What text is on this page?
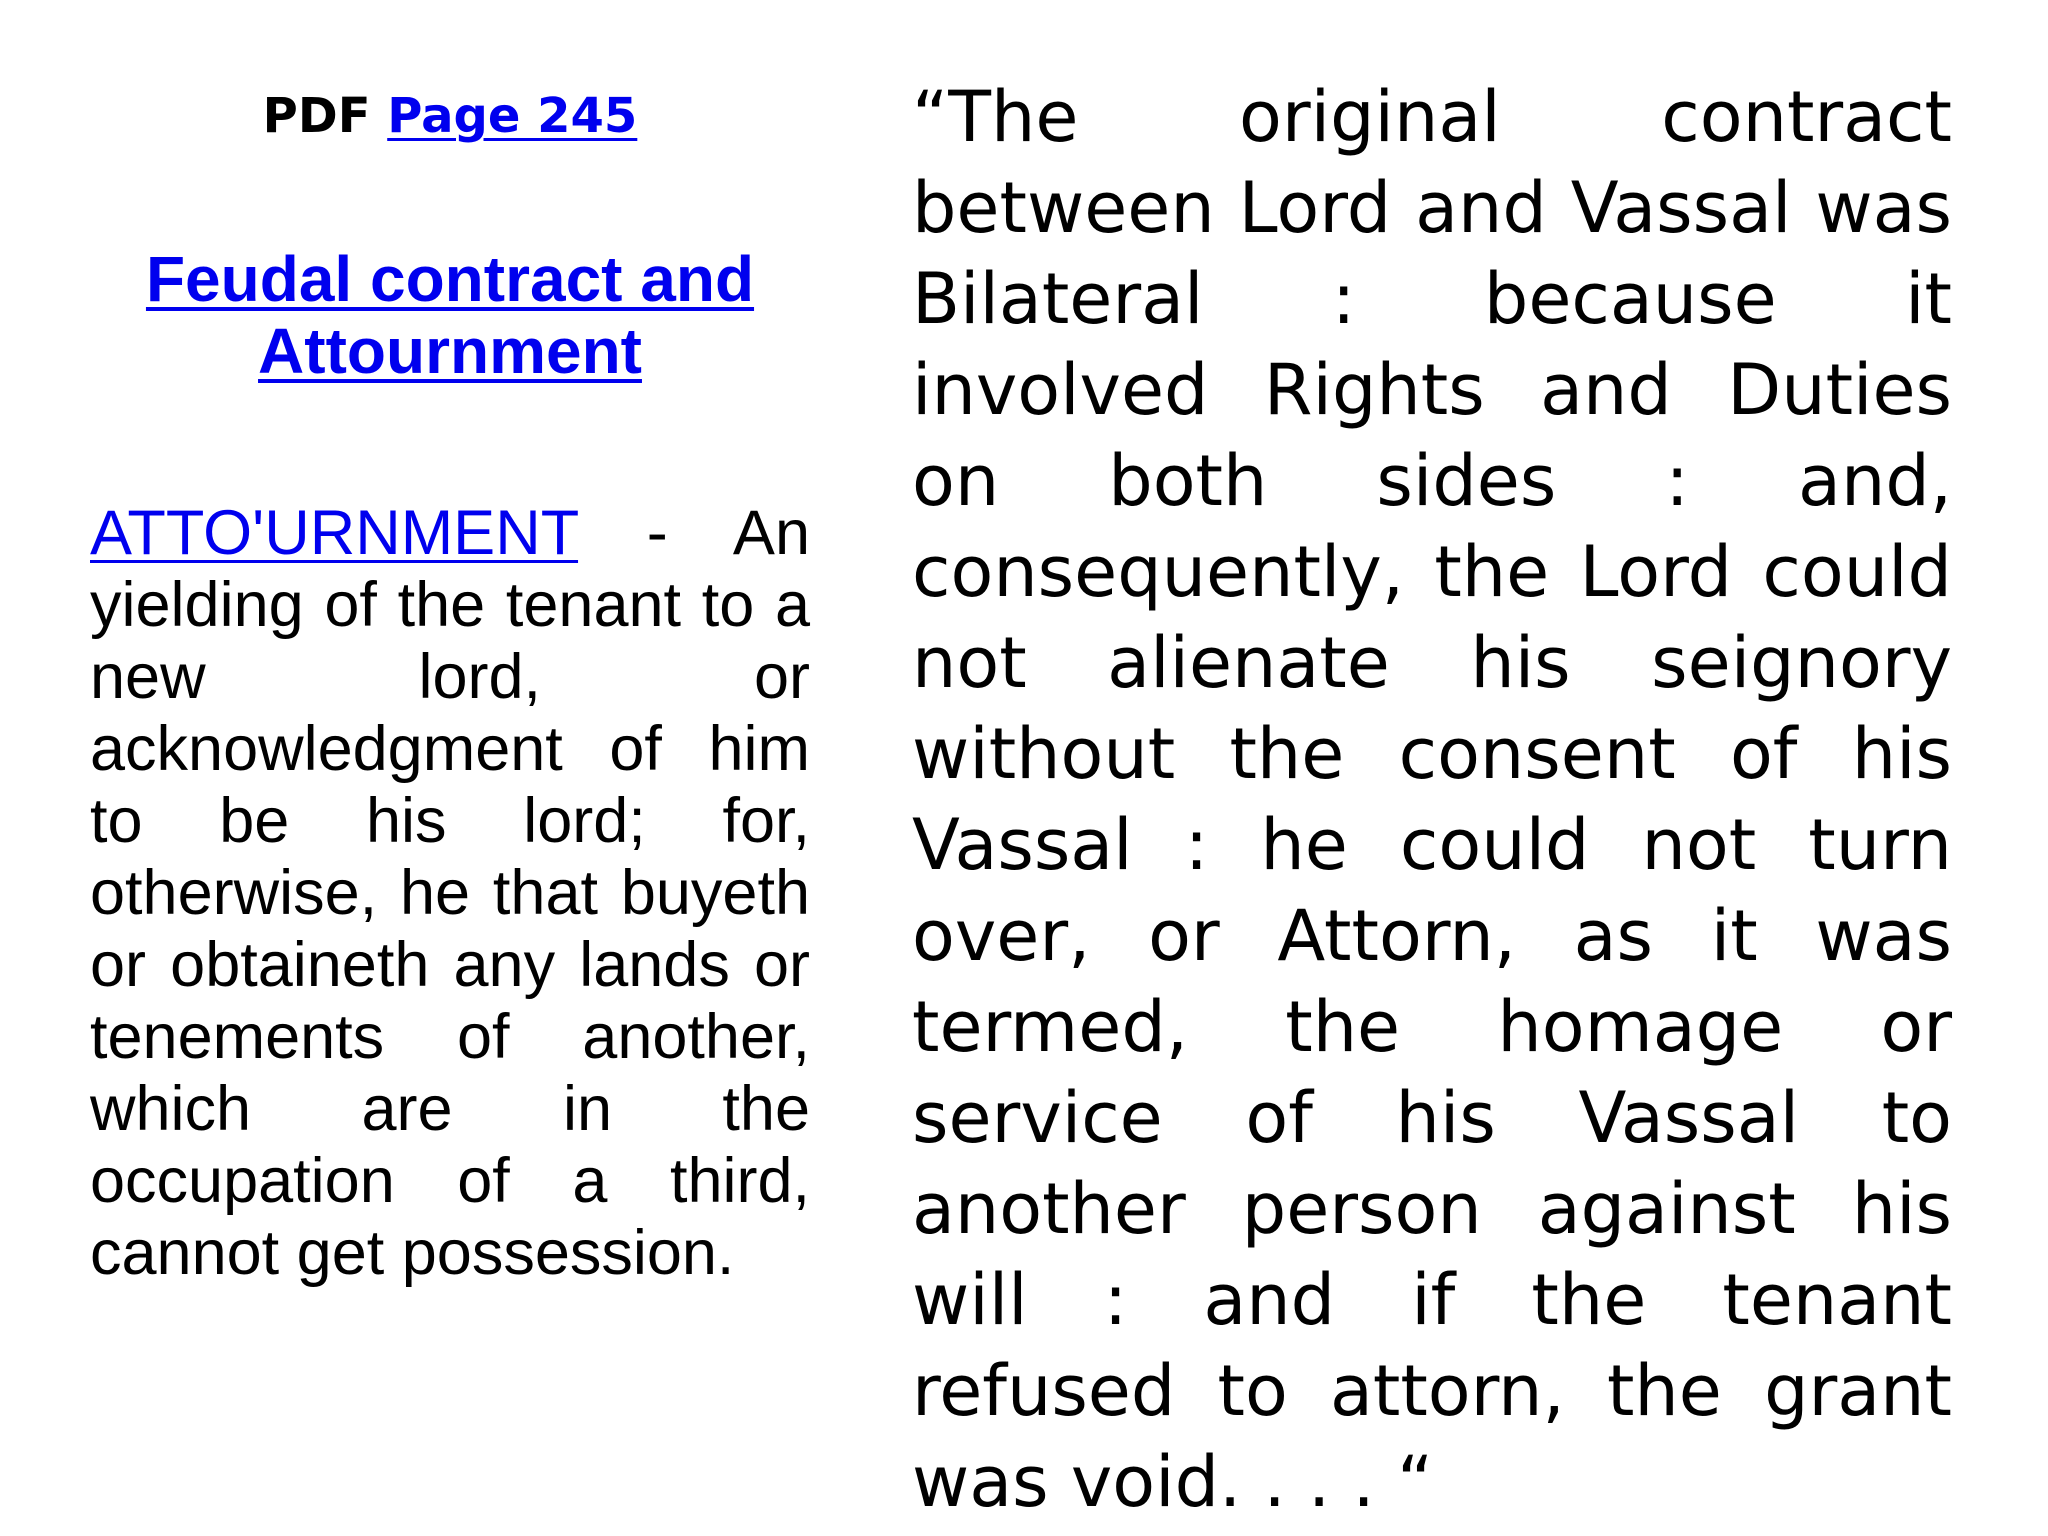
PDF Page 245

Feudal contract and
Attournment

ATTO'URNMENT - An yielding of the tenant to a new lord, or acknowledgment of him to be his lord; for, otherwise, he that buyeth or obtaineth any lands or tenements of another, which are in the occupation of a third, cannot get possession.

“The original contract between Lord and Vassal was Bilateral : because it involved Rights and Duties on both sides : and, consequently, the Lord could not alienate his seignory without the consent of his Vassal : he could not turn over, or Attorn, as it was termed, the homage or service of his Vassal to another person against his will : and if the tenant refused to attorn, the grant was void. . . . “
